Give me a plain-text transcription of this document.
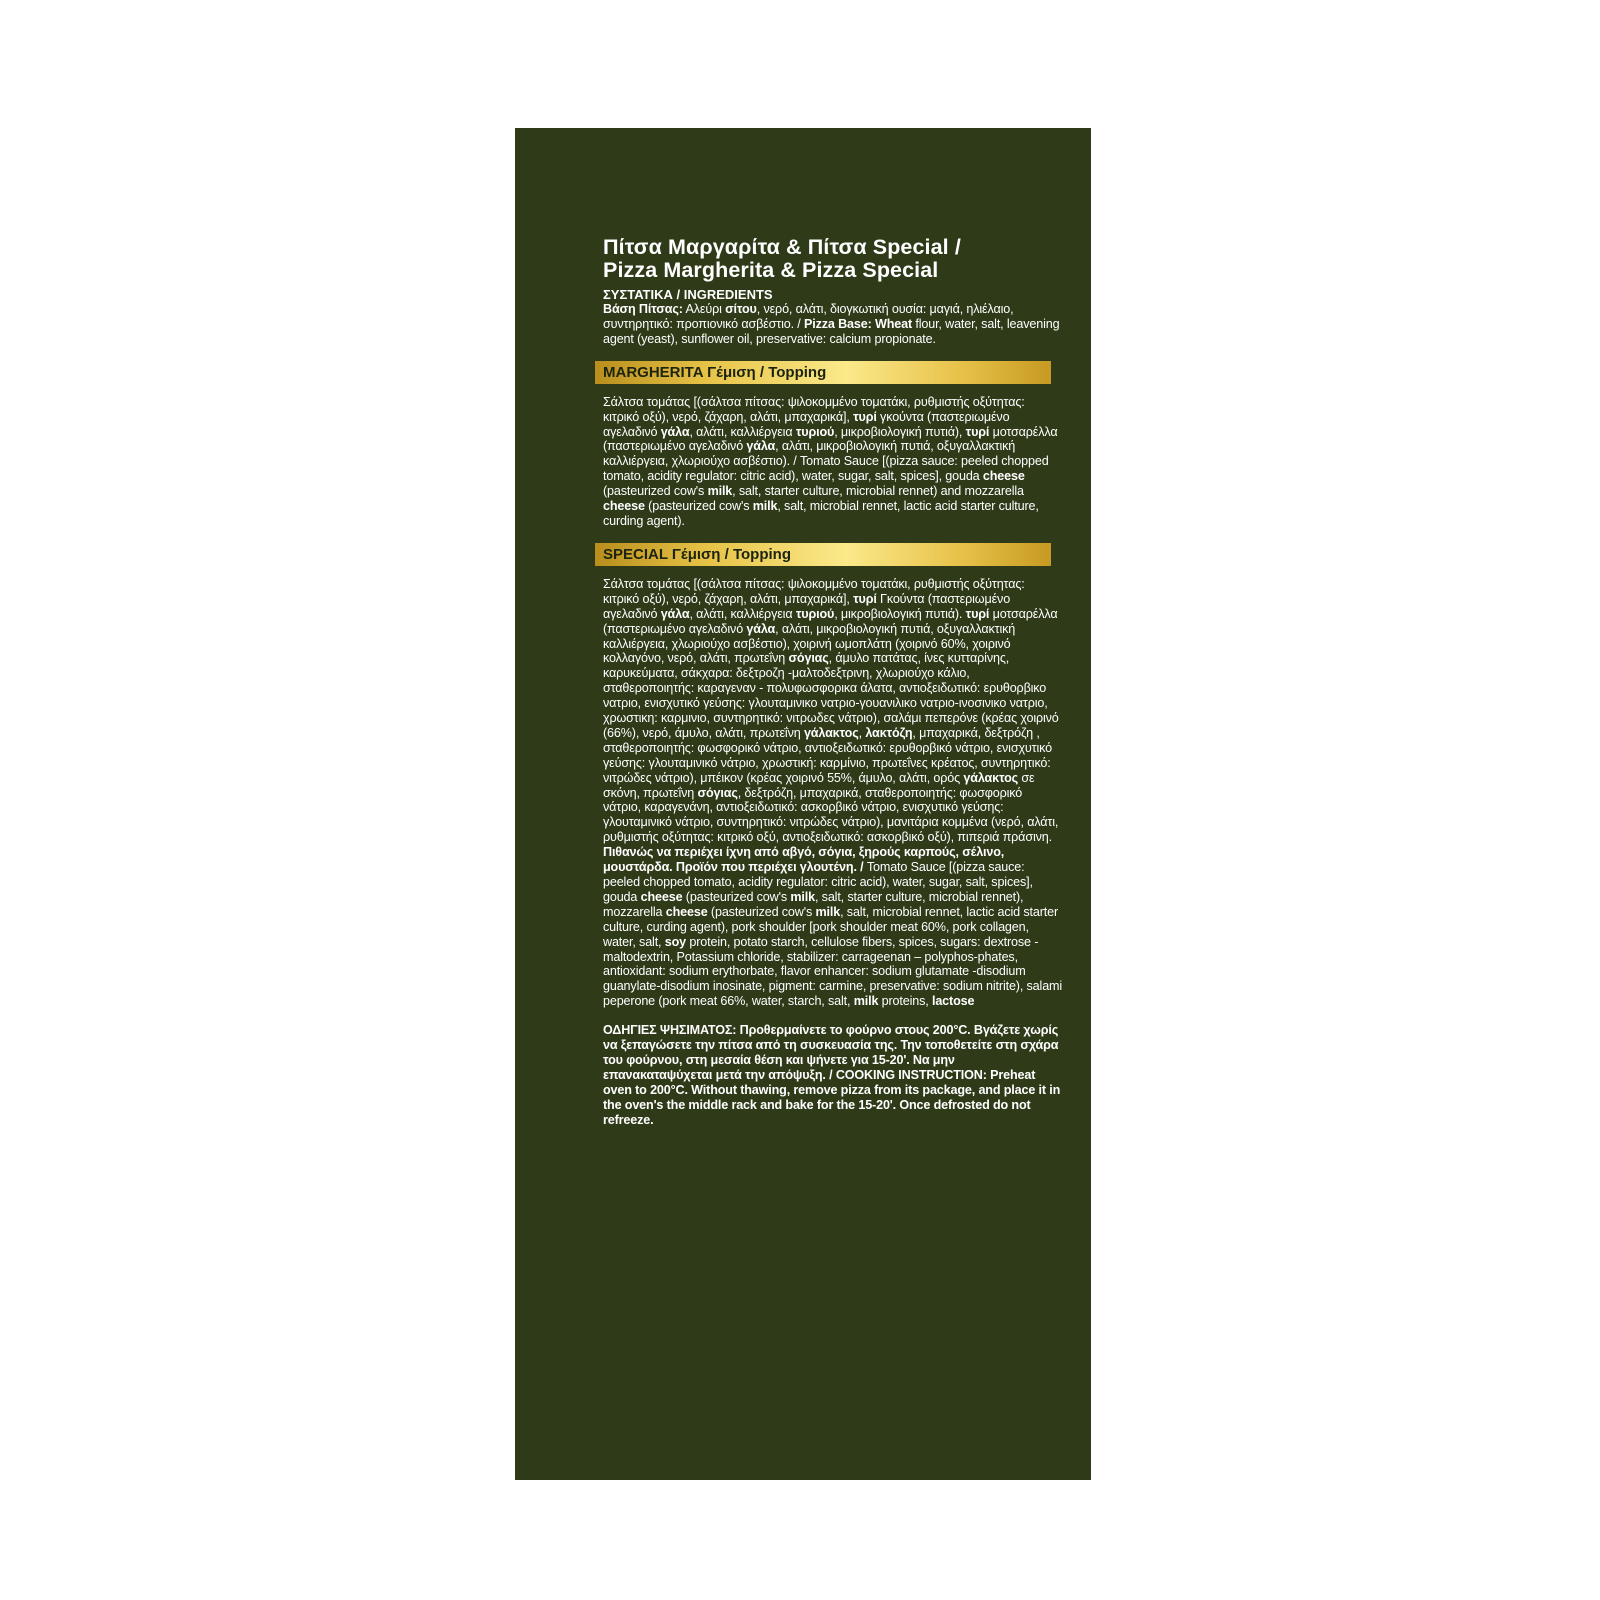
Πίτσα Μαργαρίτα & Πίτσα Special /
Pizza Margherita & Pizza Special
ΣΥΣΤΑΤΙΚΑ / INGREDIENTS

Βάση Πίτσας: Αλεύρι σίτου, νερό, αλάτι, διογκωτική ουσία: μαγιά, ηλιέλαιο, συντηρητικό: προπιονικό ασβέστιο. / Pizza Base: Wheat flour, water, salt, leavening agent (yeast), sunflower oil, preservative: calcium propionate.

MARGHERITA Γέμιση / Topping

Σάλτσα τομάτας [(σάλτσα πίτσας: ψιλοκομμένο τοματάκι, ρυθμιστής οξύτητας: κιτρικό οξύ), νερό, ζάχαρη, αλάτι, μπαχαρικά], τυρί γκούντα (παστεριωμένο αγελαδινό γάλα, αλάτι, καλλιέργεια τυριού, μικροβιολογική πυτιά), τυρί μοτσαρέλλα (παστεριωμένο αγελαδινό γάλα, αλάτι, μικροβιολογική πυτιά, οξυγαλλακτική καλλιέργεια, χλωριούχο ασβέστιο). / Tomato Sauce [(pizza sauce: peeled chopped tomato, acidity regulator: citric acid), water, sugar, salt, spices], gouda cheese (pasteurized cow's milk, salt, starter culture, microbial rennet) and mozzarella cheese (pasteurized cow's milk, salt, microbial rennet, lactic acid starter culture, curding agent).

SPECIAL Γέμιση / Topping

Σάλτσα τομάτας [(σάλτσα πίτσας: ψιλοκομμένο τοματάκι, ρυθμιστής οξύτητας: κιτρικό οξύ), νερό, ζάχαρη, αλάτι, μπαχαρικά], τυρί Γκούντα (παστεριωμένο αγελαδινό γάλα, αλάτι, καλλιέργεια τυριού, μικροβιολογική πυτιά). τυρί μοτσαρέλλα (παστεριωμένο αγελαδινό γάλα, αλάτι, μικροβιολογική πυτιά, οξυγαλλακτική καλλιέργεια, χλωριούχο ασβέστιο), χοιρινή ωμοπλάτη (χοιρινό 60%, χοιρινό κολλαγόνο, νερό, αλάτι, πρωτεΐνη σόγιας, άμυλο πατάτας, ίνες κυτταρίνης, καρυκεύματα, σάκχαρα: δεξτροζη -μαλτοδεξτρινη, χλωριούχο κάλιο, σταθεροποιητής: καραγεναν - πολυφωσφορικα άλατα, αντιοξειδωτικό: ερυθορβικο νατριο, ενισχυτικό γεύσης: γλουταμινικο νατριο-γουανιλικο νατριο-ινοσινικο νατριο, χρωστικη: καρμινιο, συντηρητικό: νιτρωδες νάτριο), σαλάμι πεπερόνε (κρέας χοιρινό (66%), νερό, άμυλο, αλάτι, πρωτεΐνη γάλακτος, λακτόζη, μπαχαρικά, δεξτρόζη , σταθεροποιητής: φωσφορικό νάτριο, αντιοξειδωτικό: ερυθορβικό νάτριο, ενισχυτικό γεύσης: γλουταμινικό νάτριο, χρωστική: καρμίνιο, πρωτεΐνες κρέατος, συντηρητικό: νιτρώδες νάτριο), μπέικον (κρέας χοιρινό 55%, άμυλο, αλάτι, ορός γάλακτος σε σκόνη, πρωτεΐνη σόγιας, δεξτρόζη, μπαχαρικά, σταθεροποιητής: φωσφορικό νάτριο, καραγενάνη, αντιοξειδωτικό: ασκορβικό νάτριο, ενισχυτικό γεύσης: γλουταμινικό νάτριο, συντηρητικό: νιτρώδες νάτριο), μανιτάρια κομμένα (νερό, αλάτι, ρυθμιστής οξύτητας: κιτρικό οξύ, αντιοξειδωτικό: ασκορβικό οξύ), πιπεριά πράσινη. Πιθανώς να περιέχει ίχνη από αβγό, σόγια, ξηρούς καρπούς, σέλινο, μουστάρδα. Προϊόν που περιέχει γλουτένη. / Tomato Sauce [(pizza sauce: peeled chopped tomato, acidity regulator: citric acid), water, sugar, salt, spices], gouda cheese (pasteurized cow's milk, salt, starter culture, microbial rennet), mozzarella cheese (pasteurized cow's milk, salt, microbial rennet, lactic acid starter culture, curding agent), pork shoulder [pork shoulder meat 60%, pork collagen, water, salt, soy protein, potato starch, cellulose fibers, spices, sugars: dextrose - maltodextrin, Potassium chloride, stabilizer: carrageenan – polyphos-phates, antioxidant: sodium erythorbate, flavor enhancer: sodium glutamate -disodium guanylate-disodium inosinate, pigment: carmine, preservative: sodium nitrite), salami peperone (pork meat 66%, water, starch, salt, milk proteins, lactose

ΟΔΗΓΙΕΣ ΨΗΣΙΜΑΤΟΣ: Προθερμαίνετε το φούρνο στους 200°C. Βγάζετε χωρίς να ξεπαγώσετε την πίτσα από τη συσκευασία της. Την τοποθετείτε στη σχάρα του φούρνου, στη μεσαία θέση και ψήνετε για 15-20'. Να μην επανακαταψύχεται μετά την απόψυξη. / COOKING INSTRUCTION: Preheat oven to 200°C. Without thawing, remove pizza from its package, and place it in the oven's the middle rack and bake for the 15-20'. Once defrosted do not refreeze.
